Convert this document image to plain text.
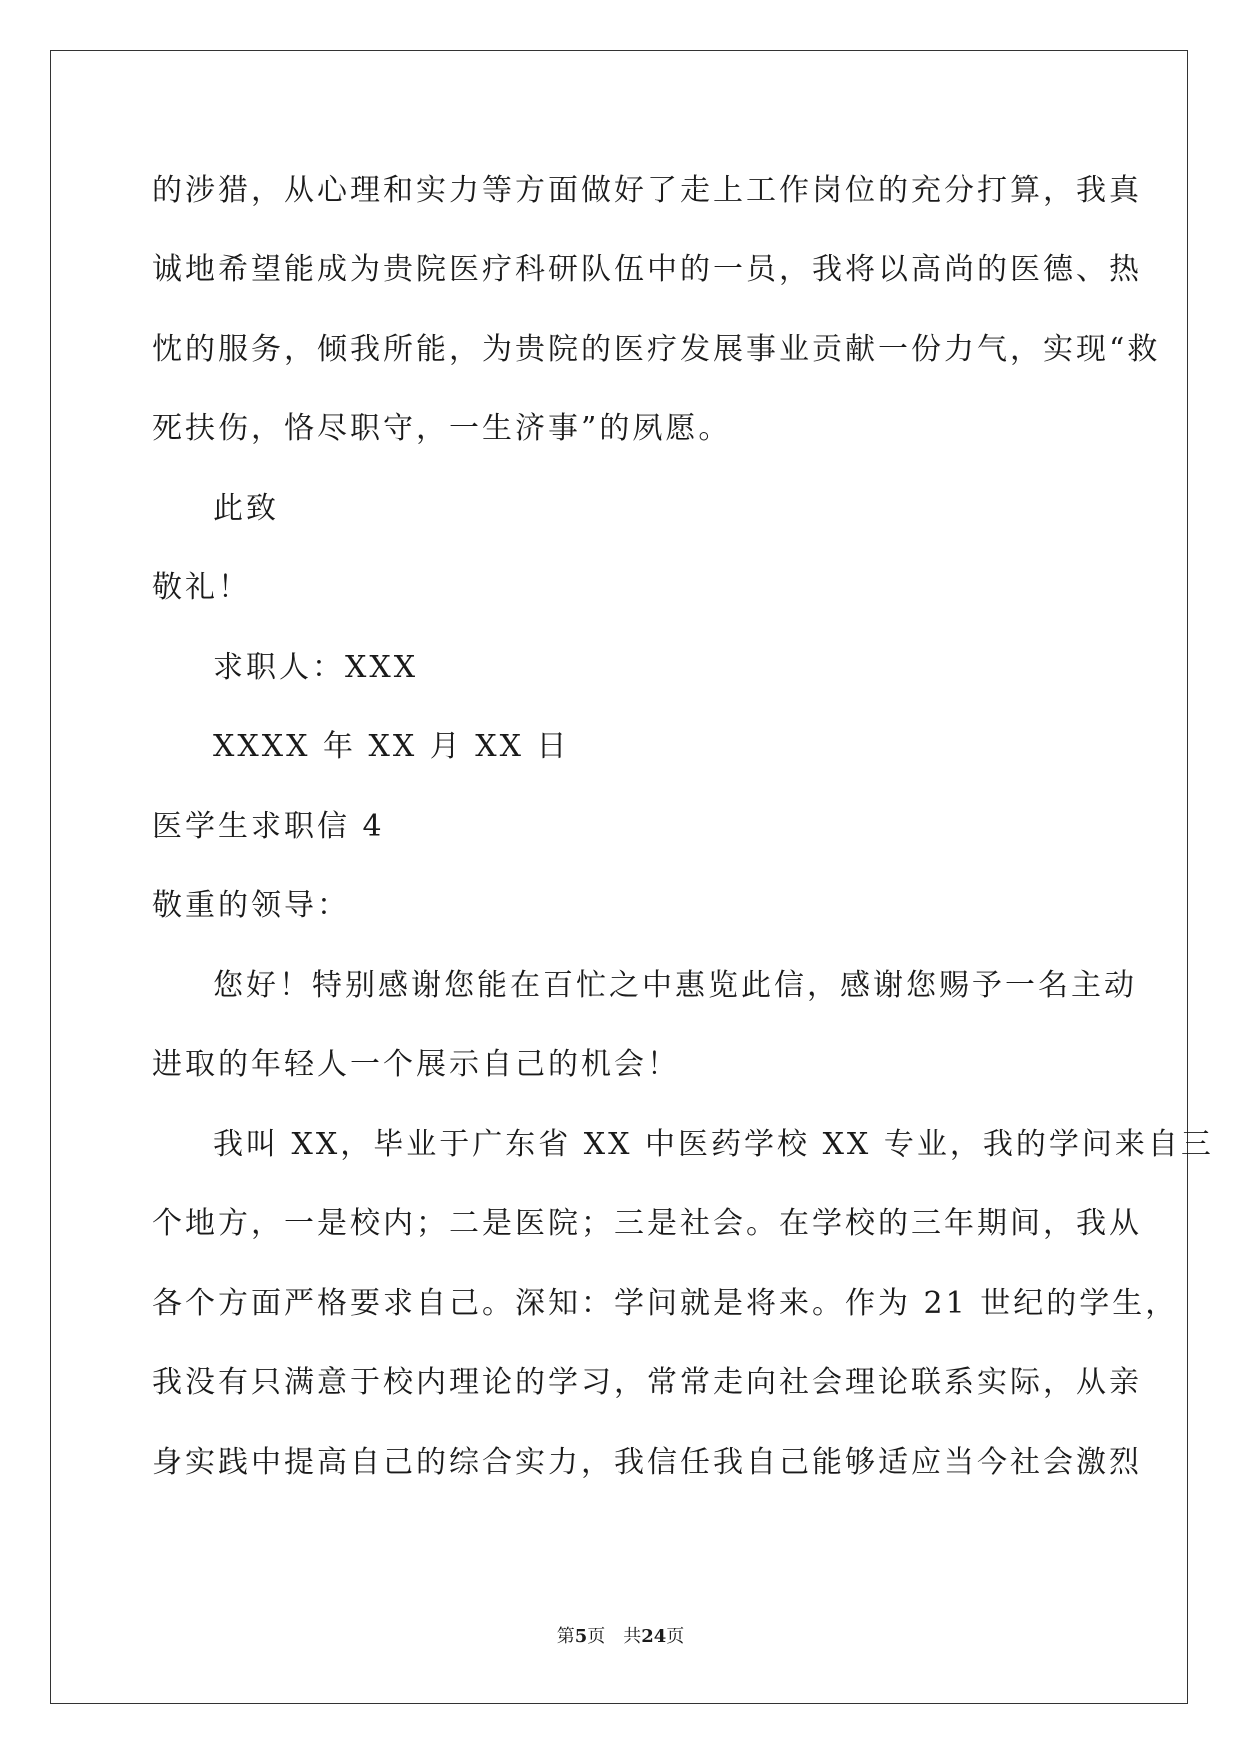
的涉猎，从心理和实力等方面做好了走上工作岗位的充分打算，我真
诚地希望能成为贵院医疗科研队伍中的一员，我将以高尚的医德、热
忱的服务，倾我所能，为贵院的医疗发展事业贡献一份力气，实现“救
死扶伤，恪尽职守，一生济事”的夙愿。
此致
敬礼！
求职人：XXX
XXXX 年 XX 月 XX 日
医学生求职信 4
敬重的领导：
您好！特别感谢您能在百忙之中惠览此信，感谢您赐予一名主动
进取的年轻人一个展示自己的机会！
我叫 XX，毕业于广东省 XX 中医药学校 XX 专业，我的学问来自三
个地方，一是校内；二是医院；三是社会。在学校的三年期间，我从
各个方面严格要求自己。深知：学问就是将来。作为 21 世纪的学生，
我没有只满意于校内理论的学习，常常走向社会理论联系实际，从亲
身实践中提高自己的综合实力，我信任我自己能够适应当今社会激烈
第5页　共24页
